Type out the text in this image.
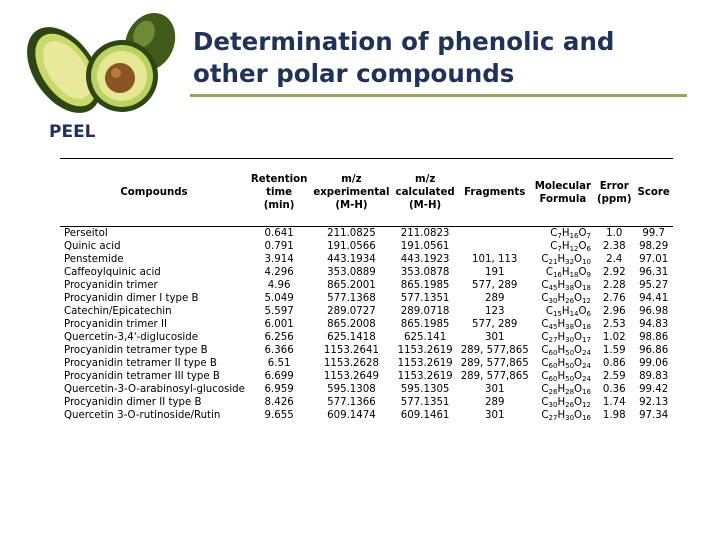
Determination of phenolic and other polar compounds
PEEL
Compounds	Retention time (min)	m/z experimental (M-H)	m/z calculated (M-H)	Fragments	Molecular Formula	Error (ppm)	Score
Perseitol	0.641	211.0825	211.0823		$C_7H_{16}O_7$	1.0	99.7
Quinic acid	0.791	191.0566	191.0561		$C_7H_{12}O_6$	2.38	98.29
Penstemide	3.914	443.1934	443.1923	101, 113	$C_{21}H_{32}O_{10}$	2.4	97.01
Caffeoylquinic acid	4.296	353.0889	353.0878	191	$C_{16}H_{18}O_9$	2.92	96.31
Procyanidin trimer	4.96	865.2001	865.1985	577, 289	$C_{45}H_{38}O_{18}$	2.28	95.27
Procyanidin dimer I type B	5.049	577.1368	577.1351	289	$C_{30}H_{26}O_{12}$	2.76	94.41
Catechin/Epicatechin	5.597	289.0727	289.0718	123	$C_{15}H_{14}O_6$	2.96	96.98
Procyanidin trimer II	6.001	865.2008	865.1985	577, 289	$C_{45}H_{38}O_{18}$	2.53	94.83
Quercetin-3,4'-diglucoside	6.256	625.1418	625.141	301	$C_{27}H_{30}O_{17}$	1.02	98.86
Procyanidin tetramer type B	6.366	1153.2641	1153.2619	289, 577,865	$C_{60}H_{50}O_{24}$	1.59	96.86
Procyanidin tetramer II type B	6.51	1153.2628	1153.2619	289, 577,865	$C_{60}H_{50}O_{24}$	0.86	99.06
Procyanidin tetramer III type B	6.699	1153.2649	1153.2619	289, 577,865	$C_{60}H_{50}O_{24}$	2.59	89.83
Quercetin-3-O-arabinosyl-glucoside	6.959	595.1308	595.1305	301	$C_{26}H_{28}O_{16}$	0.36	99.42
Procyanidin dimer II type B	8.426	577.1366	577.1351	289	$C_{30}H_{26}O_{12}$	1.74	92.13
Quercetin 3-O-rutinoside/Rutin	9.655	609.1474	609.1461	301	$C_{27}H_{30}O_{16}$	1.98	97.34
